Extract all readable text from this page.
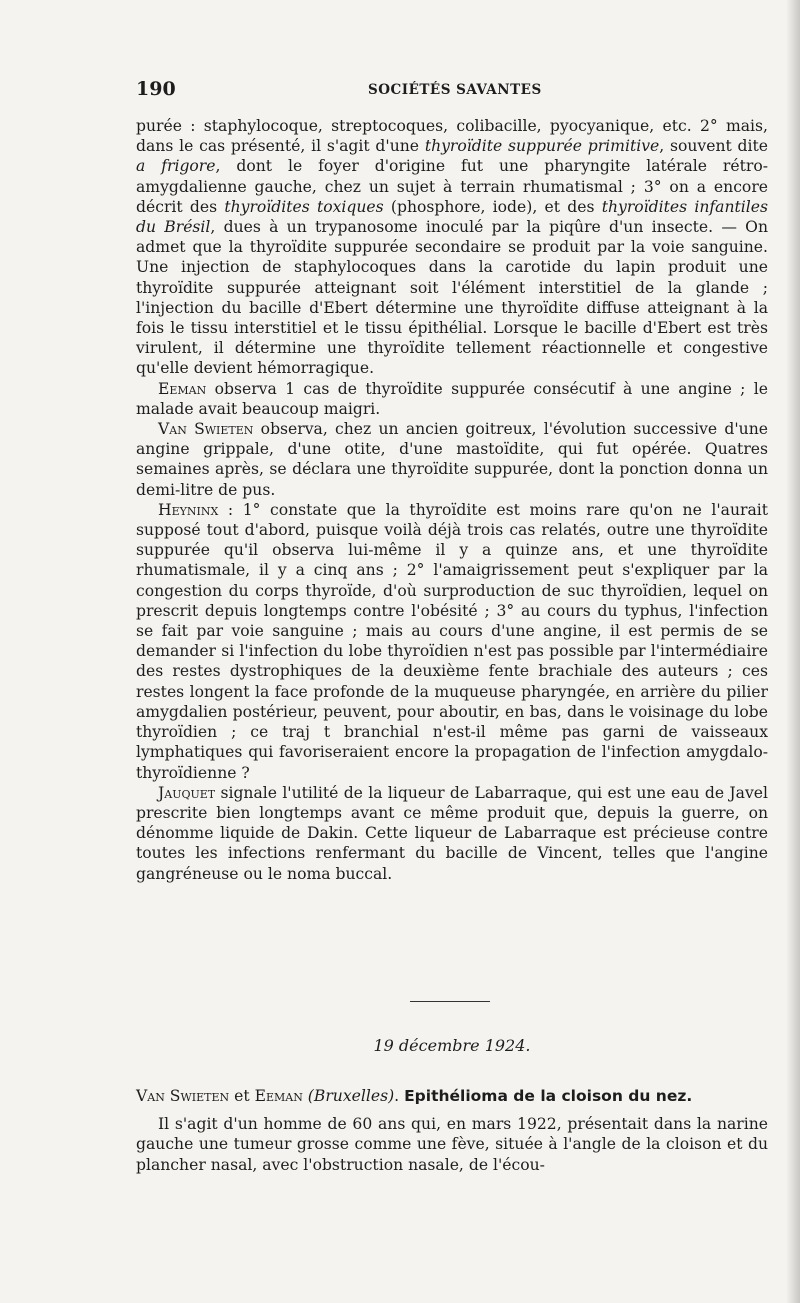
190	SOCIÉTÉS SAVANTES

purée : staphylocoque, streptocoques, colibacille, pyocyanique, etc. 2° mais, dans le cas présenté, il s'agit d'une thyroïdite suppurée primitive, souvent dite a frigore, dont le foyer d'origine fut une pharyngite latérale rétro-amygdalienne gauche, chez un sujet à terrain rhumatismal ; 3° on a encore décrit des thyroïdites toxiques (phosphore, iode), et des thyroïdites infantiles du Brésil, dues à un trypanosome inoculé par la piqûre d'un insecte. — On admet que la thyroïdite suppurée secondaire se produit par la voie sanguine. Une injection de staphylocoques dans la carotide du lapin produit une thyroïdite suppurée atteignant soit l'élément interstitiel de la glande ; l'injection du bacille d'Ebert détermine une thyroïdite diffuse atteignant à la fois le tissu interstitiel et le tissu épithélial. Lorsque le bacille d'Ebert est très virulent, il détermine une thyroïdite tellement réactionnelle et congestive qu'elle devient hémorragique.

Eeman observa 1 cas de thyroïdite suppurée consécutif à une angine ; le malade avait beaucoup maigri.

Van Swieten observa, chez un ancien goitreux, l'évolution successive d'une angine grippale, d'une otite, d'une mastoïdite, qui fut opérée. Quatres semaines après, se déclara une thyroïdite suppurée, dont la ponction donna un demi-litre de pus.

Heyninx : 1° constate que la thyroïdite est moins rare qu'on ne l'aurait supposé tout d'abord, puisque voilà déjà trois cas relatés, outre une thyroïdite suppurée qu'il observa lui-même il y a quinze ans, et une thyroïdite rhumatismale, il y a cinq ans ; 2° l'amaigrissement peut s'expliquer par la congestion du corps thyroïde, d'où surproduction de suc thyroïdien, lequel on prescrit depuis longtemps contre l'obésité ; 3° au cours du typhus, l'infection se fait par voie sanguine ; mais au cours d'une angine, il est permis de se demander si l'infection du lobe thyroïdien n'est pas possible par l'intermédiaire des restes dystrophiques de la deuxième fente brachiale des auteurs ; ces restes longent la face profonde de la muqueuse pharyngée, en arrière du pilier amygdalien postérieur, peuvent, pour aboutir, en bas, dans le voisinage du lobe thyroïdien ; ce traj t branchial n'est-il même pas garni de vaisseaux lymphatiques qui favoriseraient encore la propagation de l'infection amygdalo-thyroïdienne ?

Jauquet signale l'utilité de la liqueur de Labarraque, qui est une eau de Javel prescrite bien longtemps avant ce même produit que, depuis la guerre, on dénomme liquide de Dakin. Cette liqueur de Labarraque est précieuse contre toutes les infections renfermant du bacille de Vincent, telles que l'angine gangréneuse ou le noma buccal.

19 décembre 1924.

Van Swieten et Eeman (Bruxelles). Epithélioma de la cloison du nez.

Il s'agit d'un homme de 60 ans qui, en mars 1922, présentait dans la narine gauche une tumeur grosse comme une fève, située à l'angle de la cloison et du plancher nasal, avec l'obstruction nasale, de l'écou-
